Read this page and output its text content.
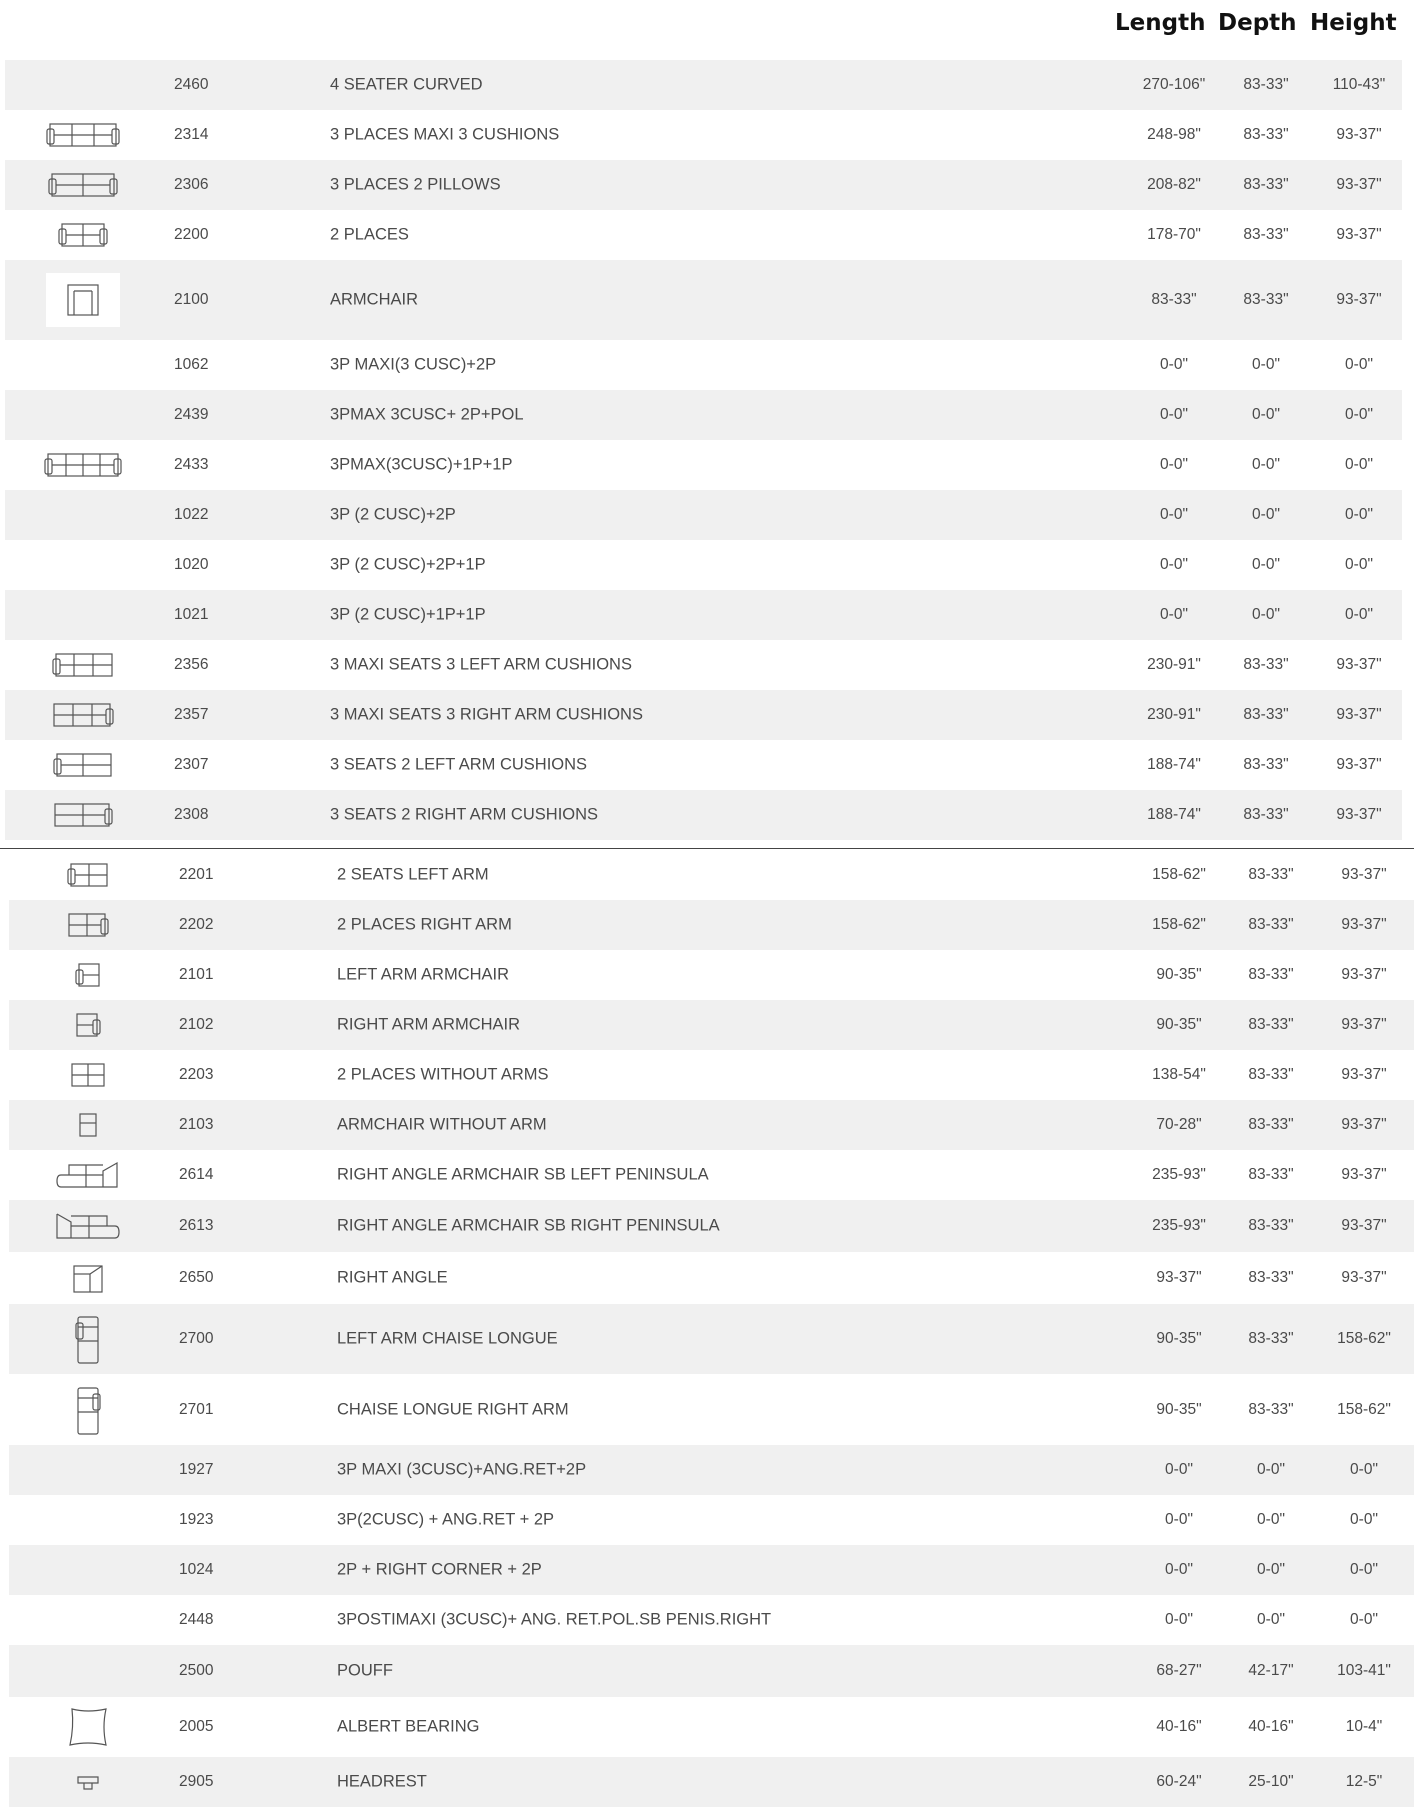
Length Depth Height
2460	4 SEATER CURVED	270-106" 83-33"	110-43"
2314	3 PLACES MAXI 3 CUSHIONS	248-98"	83-33"	93-37"
2306	3 PLACES 2 PILLOWS	208-82"	83-33"	93-37"
2200	2 PLACES	178-70"	83-33"	93-37"
2100	ARMCHAIR	83-33"	83-33"	93-37"
1062	3P MAXI(3 CUSC)+2P	0-0"	0-0"	0-0"
2439	3PMAX 3CUSC+ 2P+POL	0-0"	0-0"	0-0"
2433	3PMAX(3CUSC)+1P+1P	0-0"	0-0"	0-0"
1022	3P (2 CUSC)+2P	0-0"	0-0"	0-0"
1020	3P (2 CUSC)+2P+1P	0-0"	0-0"	0-0"
1021	3P (2 CUSC)+1P+1P	0-0"	0-0"	0-0"
2356	3 MAXI SEATS 3 LEFT ARM CUSHIONS	230-91"	83-33"	93-37"
2357	3 MAXI SEATS 3 RIGHT ARM CUSHIONS	230-91"	83-33"	93-37"
2307	3 SEATS 2 LEFT ARM CUSHIONS	188-74"	83-33"	93-37"
2308	3 SEATS 2 RIGHT ARM CUSHIONS	188-74"	83-33"	93-37"
2201	2 SEATS LEFT ARM	158-62"	83-33"	93-37"
2202	2 PLACES RIGHT ARM	158-62"	83-33"	93-37"
2101	LEFT ARM ARMCHAIR	90-35"	83-33"	93-37"
2102	RIGHT ARM ARMCHAIR	90-35"	83-33"	93-37"
2203	2 PLACES WITHOUT ARMS	138-54"	83-33"	93-37"
2103	ARMCHAIR WITHOUT ARM	70-28"	83-33"	93-37"
2614	RIGHT ANGLE ARMCHAIR SB LEFT PENINSULA	235-93"	83-33"	93-37"
2613	RIGHT ANGLE ARMCHAIR SB RIGHT PENINSULA	235-93"	83-33"	93-37"
2650	RIGHT ANGLE	93-37"	83-33"	93-37"
2700	LEFT ARM CHAISE LONGUE	90-35"	83-33"	158-62"
2701	CHAISE LONGUE RIGHT ARM	90-35"	83-33"	158-62"
1927	3P MAXI (3CUSC)+ANG.RET+2P	0-0"	0-0"	0-0"
1923	3P(2CUSC) + ANG.RET + 2P	0-0"	0-0"	0-0"
1024	2P + RIGHT CORNER + 2P	0-0"	0-0"	0-0"
2448	3POSTIMAXI (3CUSC)+ ANG. RET.POL.SB PENIS.RIGHT	0-0"	0-0"	0-0"
2500	POUFF	68-27"	42-17"	103-41"
2005	ALBERT BEARING	40-16"	40-16"	10-4"
2905	HEADREST	60-24"	25-10"	12-5"
